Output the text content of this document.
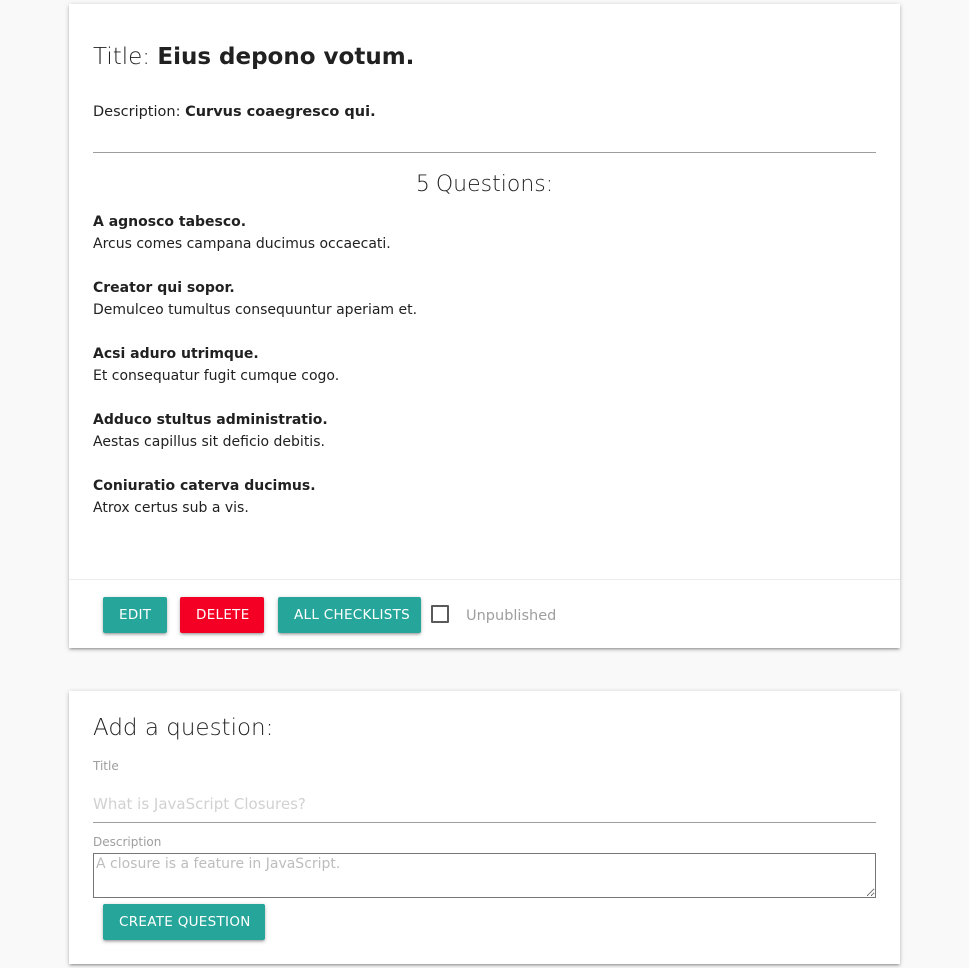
Title: Eius depono votum.
Description: Curvus coaegresco qui.
5 Questions:
A agnosco tabesco.
Arcus comes campana ducimus occaecati.
Creator qui sopor.
Demulceo tumultus consequuntur aperiam et.
Acsi aduro utrimque.
Et consequatur fugit cumque cogo.
Adduco stultus administratio.
Aestas capillus sit deficio debitis.
Coniuratio caterva ducimus.
Atrox certus sub a vis.
EDIT	DELETE	ALL CHECKLISTS	Unpublished
Add a question:
Title
What is JavaScript Closures?
Description
A closure is a feature in JavaScript.
CREATE QUESTION
